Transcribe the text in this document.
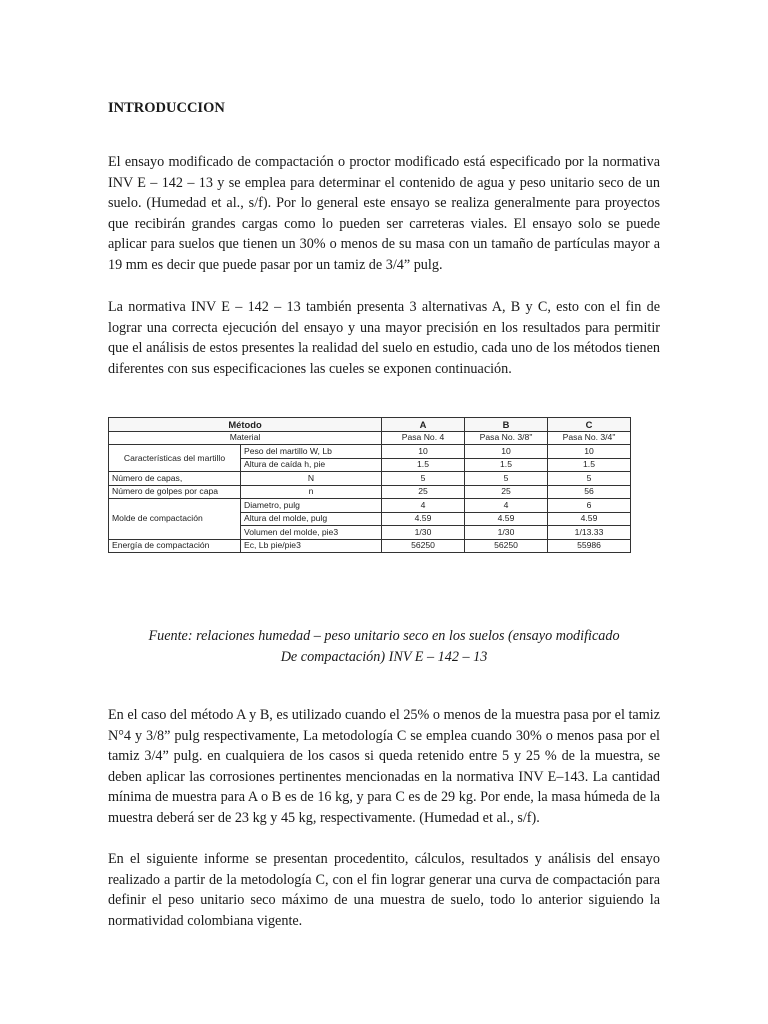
INTRODUCCION

El ensayo modificado de compactación o proctor modificado está especificado por la normativa INV E – 142 – 13 y se emplea para determinar el contenido de agua y peso unitario seco de un suelo. (Humedad et al., s/f). Por lo general este ensayo se realiza generalmente para proyectos que recibirán grandes cargas como lo pueden ser carreteras viales. El ensayo solo se puede aplicar para suelos que tienen un 30% o menos de su masa con un tamaño de partículas mayor a 19 mm es decir que puede pasar por un tamiz de 3/4” pulg.

La normativa INV E – 142 – 13 también presenta 3 alternativas A, B y C, esto con el fin de lograr una correcta ejecución del ensayo y una mayor precisión en los resultados para permitir que el análisis de estos presentes la realidad del suelo en estudio, cada uno de los métodos tienen diferentes con sus especificaciones las cueles se exponen continuación.

Método		A	B	C
Material		Pasa No. 4	Pasa No. 3/8"	Pasa No. 3/4"
Características del martillo	Peso del martillo W, Lb	10	10	10
	Altura de caída h, pie	1.5	1.5	1.5
Número de capas,	N	5	5	5
Número de golpes por capa	n	25	25	56
Molde de compactación	Diametro, pulg	4	4	6
	Altura del molde, pulg	4.59	4.59	4.59
	Volumen del molde, pie3	1/30	1/30	1/13.33
Energía de compactación	Ec, Lb pie/pie3	56250	56250	55986
Fuente: relaciones humedad – peso unitario seco en los suelos (ensayo modificado
De compactación) INV E – 142 – 13

En el caso del método A y B, es utilizado cuando el 25% o menos de la muestra pasa por el tamiz N°4 y 3/8” pulg respectivamente, La metodología C se emplea cuando 30% o menos pasa por el tamiz 3/4” pulg. en cualquiera de los casos si queda retenido entre 5 y 25 % de la muestra, se deben aplicar las corrosiones pertinentes mencionadas en la normativa INV E–143. La cantidad mínima de muestra para A o B es de 16 kg, y para C es de 29 kg. Por ende, la masa húmeda de la muestra deberá ser de 23 kg y 45 kg, respectivamente. (Humedad et al., s/f).

En el siguiente informe se presentan procedentito, cálculos, resultados y análisis del ensayo realizado a partir de la metodología C, con el fin lograr generar una curva de compactación para definir el peso unitario seco máximo de una muestra de suelo, todo lo anterior siguiendo la normatividad colombiana vigente.
